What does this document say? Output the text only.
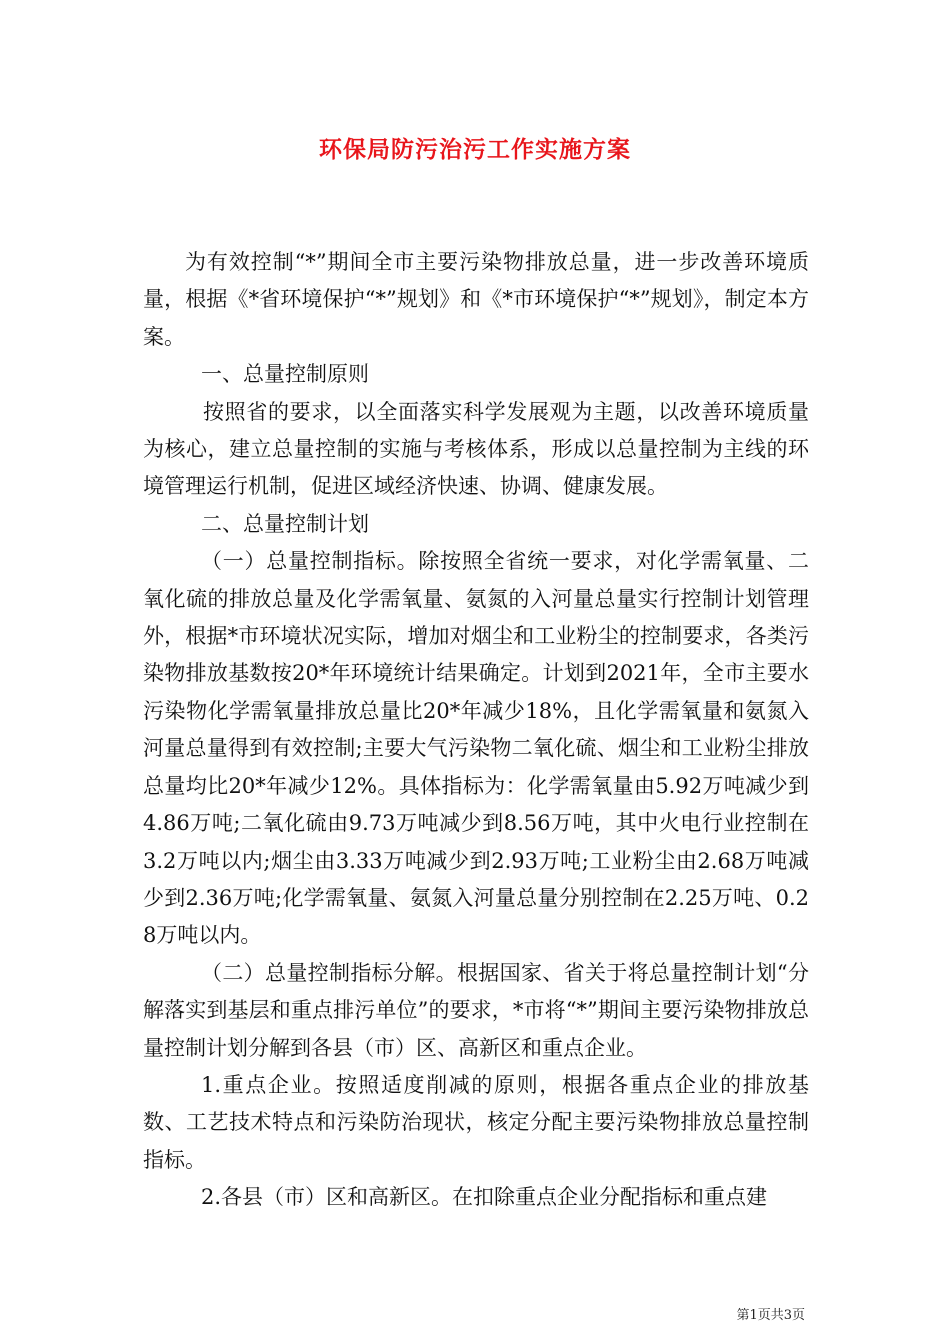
环保局防污治污工作实施方案

为有效控制“*”期间全市主要污染物排放总量，进一步改善环境质量，根据《*省环境保护“*”规划》和《*市环境保护“*”规划》，制定本方案。

一、总量控制原则

按照省的要求，以全面落实科学发展观为主题，以改善环境质量为核心，建立总量控制的实施与考核体系，形成以总量控制为主线的环境管理运行机制，促进区域经济快速、协调、健康发展。

二、总量控制计划

（一）总量控制指标。除按照全省统一要求，对化学需氧量、二氧化硫的排放总量及化学需氧量、氨氮的入河量总量实行控制计划管理外，根据*市环境状况实际，增加对烟尘和工业粉尘的控制要求，各类污染物排放基数按20*年环境统计结果确定。计划到2021年，全市主要水污染物化学需氧量排放总量比20*年减少18%，且化学需氧量和氨氮入河量总量得到有效控制;主要大气污染物二氧化硫、烟尘和工业粉尘排放总量均比20*年减少12%。具体指标为：化学需氧量由5.92万吨减少到4.86万吨;二氧化硫由9.73万吨减少到8.56万吨，其中火电行业控制在3.2万吨以内;烟尘由3.33万吨减少到2.93万吨;工业粉尘由2.68万吨减少到2.36万吨;化学需氧量、氨氮入河量总量分别控制在2.25万吨、0.28万吨以内。

（二）总量控制指标分解。根据国家、省关于将总量控制计划“分解落实到基层和重点排污单位”的要求，*市将“*”期间主要污染物排放总量控制计划分解到各县（市）区、高新区和重点企业。

1.重点企业。按照适度削减的原则，根据各重点企业的排放基数、工艺技术特点和污染防治现状，核定分配主要污染物排放总量控制指标。

2.各县（市）区和高新区。在扣除重点企业分配指标和重点建

第1页共3页
